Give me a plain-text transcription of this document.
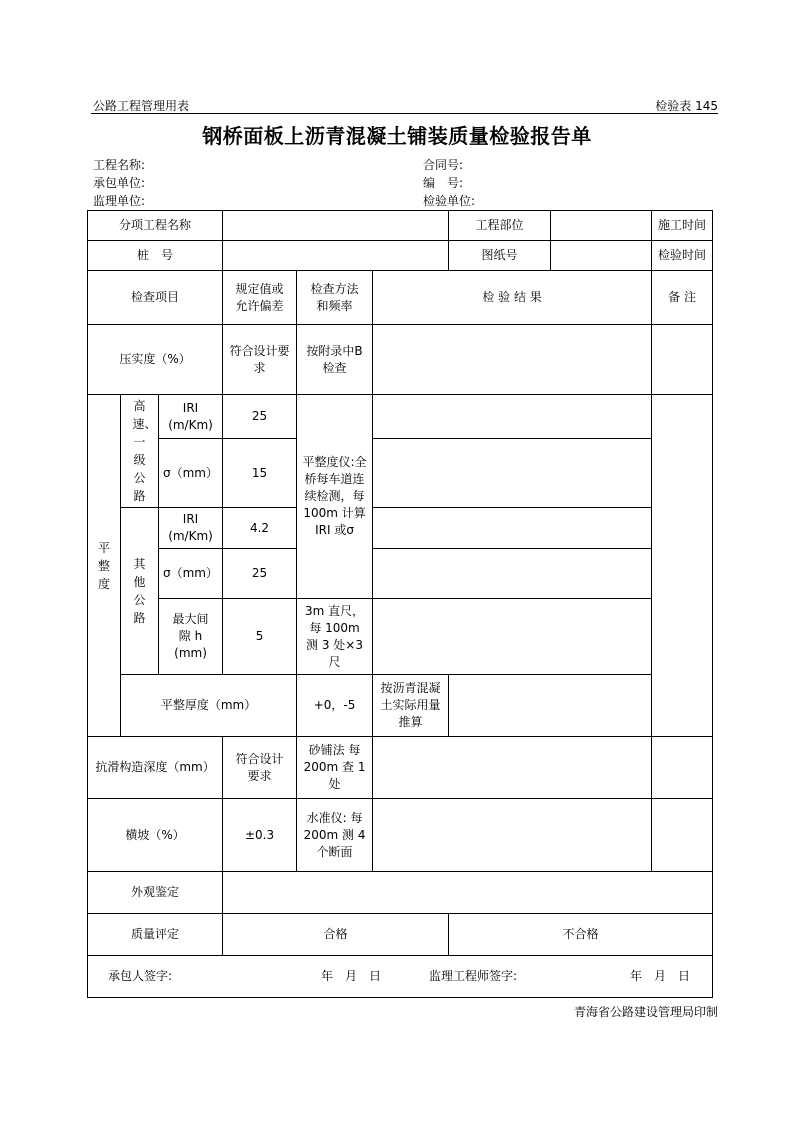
公路工程管理用表	检验表 145
钢桥面板上沥青混凝土铺装质量检验报告单
工程名称:	合同号:
承包单位:	编　号:
监理单位:	检验单位:
分项工程名称						工程部位		施工时间	
桩　号						图纸号		检验时间	
检查项目			规定值或允许偏差	检查方法和频率	检 验 结 果			备 注	
压实度（%）			符合设计要求	按附录中B检查					
平整度	高速、一级公路	IRI (m/Km)	25	平整度仪:全桥每车道连续检测，每100m 计算 IRI 或σ					
		σ（mm）	15						
	其他公路	IRI (m/Km)	4.2						
		σ（mm）	25						
		最大间隙 h (mm)	5	3m 直尺，每 100m 测 3 处×3 尺					
	平整厚度（mm）			+0，-5	按沥青混凝土实际用量推算				
抗滑构造深度（mm）			符合设计要求	砂铺法 每 200m 查 1 处					
横坡（%）			±0.3	水准仪: 每 200m 测 4 个断面					
外观鉴定									
质量评定			合格			不合格			

承包人签字: 年　月　日 监理工程师签字: 年　月　日									
青海省公路建设管理局印制
